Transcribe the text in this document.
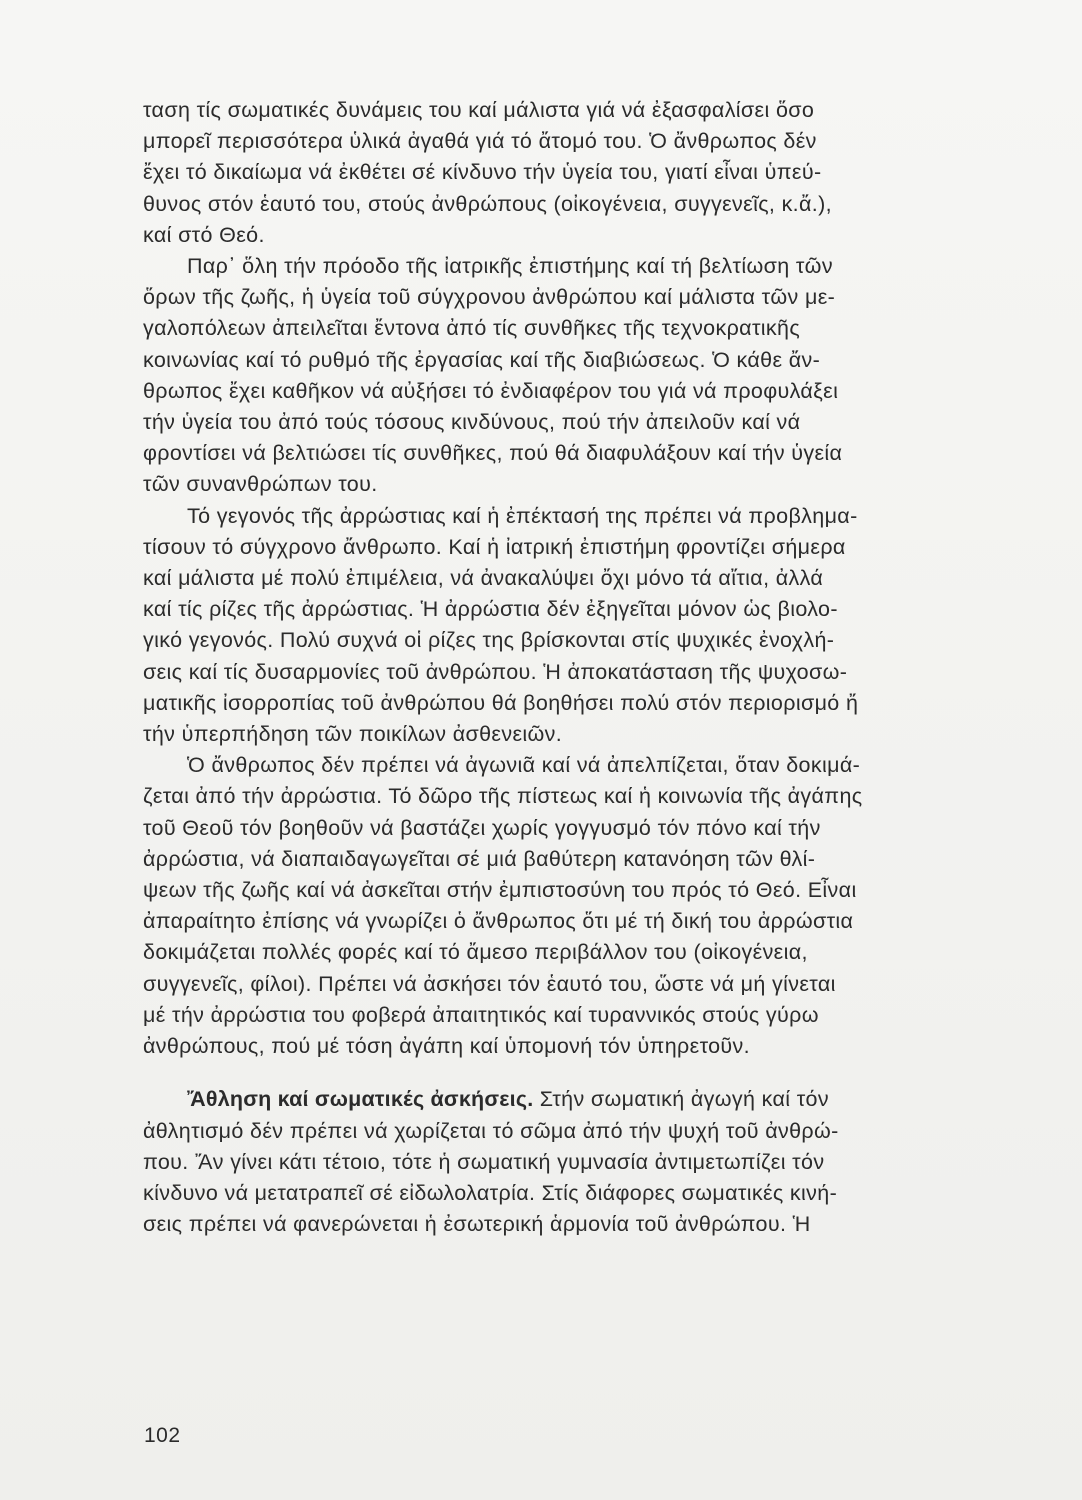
ταση τίς σωματικές δυνάμεις του καί μάλιστα γιά νά ἐξασφαλίσει ὅσο
μπορεῖ περισσότερα ὑλικά ἀγαθά γιά τό ἄτομό του. Ὁ ἄνθρωπος δέν
ἔχει τό δικαίωμα νά ἐκθέτει σέ κίνδυνο τήν ὑγεία του, γιατί εἶναι ὑπεύ-
θυνος στόν ἑαυτό του, στούς ἀνθρώπους (οἰκογένεια, συγγενεῖς, κ.ἄ.),
καί στό Θεό.
Παρ᾽ ὅλη τήν πρόοδο τῆς ἰατρικῆς ἐπιστήμης καί τή βελτίωση τῶν
ὅρων τῆς ζωῆς, ἡ ὑγεία τοῦ σύγχρονου ἀνθρώπου καί μάλιστα τῶν με-
γαλοπόλεων ἀπειλεῖται ἔντονα ἀπό τίς συνθῆκες τῆς τεχνοκρατικῆς
κοινωνίας καί τό ρυθμό τῆς ἐργασίας καί τῆς διαβιώσεως. Ὁ κάθε ἄν-
θρωπος ἔχει καθῆκον νά αὐξήσει τό ἐνδιαφέρον του γιά νά προφυλάξει
τήν ὑγεία του ἀπό τούς τόσους κινδύνους, πού τήν ἀπειλοῦν καί νά
φροντίσει νά βελτιώσει τίς συνθῆκες, πού θά διαφυλάξουν καί τήν ὑγεία
τῶν συνανθρώπων του.
Τό γεγονός τῆς ἀρρώστιας καί ἡ ἐπέκτασή της πρέπει νά προβλημα-
τίσουν τό σύγχρονο ἄνθρωπο. Καί ἡ ἰατρική ἐπιστήμη φροντίζει σήμερα
καί μάλιστα μέ πολύ ἐπιμέλεια, νά ἀνακαλύψει ὄχι μόνο τά αἴτια, ἀλλά
καί τίς ρίζες τῆς ἀρρώστιας. Ἡ ἀρρώστια δέν ἐξηγεῖται μόνον ὡς βιολο-
γικό γεγονός. Πολύ συχνά οἱ ρίζες της βρίσκονται στίς ψυχικές ἐνοχλή-
σεις καί τίς δυσαρμονίες τοῦ ἀνθρώπου. Ἡ ἀποκατάσταση τῆς ψυχοσω-
ματικῆς ἰσορροπίας τοῦ ἀνθρώπου θά βοηθήσει πολύ στόν περιορισμό ἤ
τήν ὑπερπήδηση τῶν ποικίλων ἀσθενειῶν.
Ὁ ἄνθρωπος δέν πρέπει νά ἀγωνιᾶ καί νά ἀπελπίζεται, ὅταν δοκιμά-
ζεται ἀπό τήν ἀρρώστια. Τό δῶρο τῆς πίστεως καί ἡ κοινωνία τῆς ἀγάπης
τοῦ Θεοῦ τόν βοηθοῦν νά βαστάζει χωρίς γογγυσμό τόν πόνο καί τήν
ἀρρώστια, νά διαπαιδαγωγεῖται σέ μιά βαθύτερη κατανόηση τῶν θλί-
ψεων τῆς ζωῆς καί νά ἀσκεῖται στήν ἐμπιστοσύνη του πρός τό Θεό. Εἶναι
ἀπαραίτητο ἐπίσης νά γνωρίζει ὁ ἄνθρωπος ὅτι μέ τή δική του ἀρρώστια
δοκιμάζεται πολλές φορές καί τό ἄμεσο περιβάλλον του (οἰκογένεια,
συγγενεῖς, φίλοι). Πρέπει νά ἀσκήσει τόν ἑαυτό του, ὥστε νά μή γίνεται
μέ τήν ἀρρώστια του φοβερά ἀπαιτητικός καί τυραννικός στούς γύρω
ἀνθρώπους, πού μέ τόση ἀγάπη καί ὑπομονή τόν ὑπηρετοῦν.
Ἄθληση καί σωματικές ἀσκήσεις. Στήν σωματική ἀγωγή καί τόν
ἀθλητισμό δέν πρέπει νά χωρίζεται τό σῶμα ἀπό τήν ψυχή τοῦ ἀνθρώ-
που. Ἄν γίνει κάτι τέτοιο, τότε ἡ σωματική γυμνασία ἀντιμετωπίζει τόν
κίνδυνο νά μετατραπεῖ σέ εἰδωλολατρία. Στίς διάφορες σωματικές κινή-
σεις πρέπει νά φανερώνεται ἡ ἐσωτερική ἁρμονία τοῦ ἀνθρώπου. Ἡ
102
